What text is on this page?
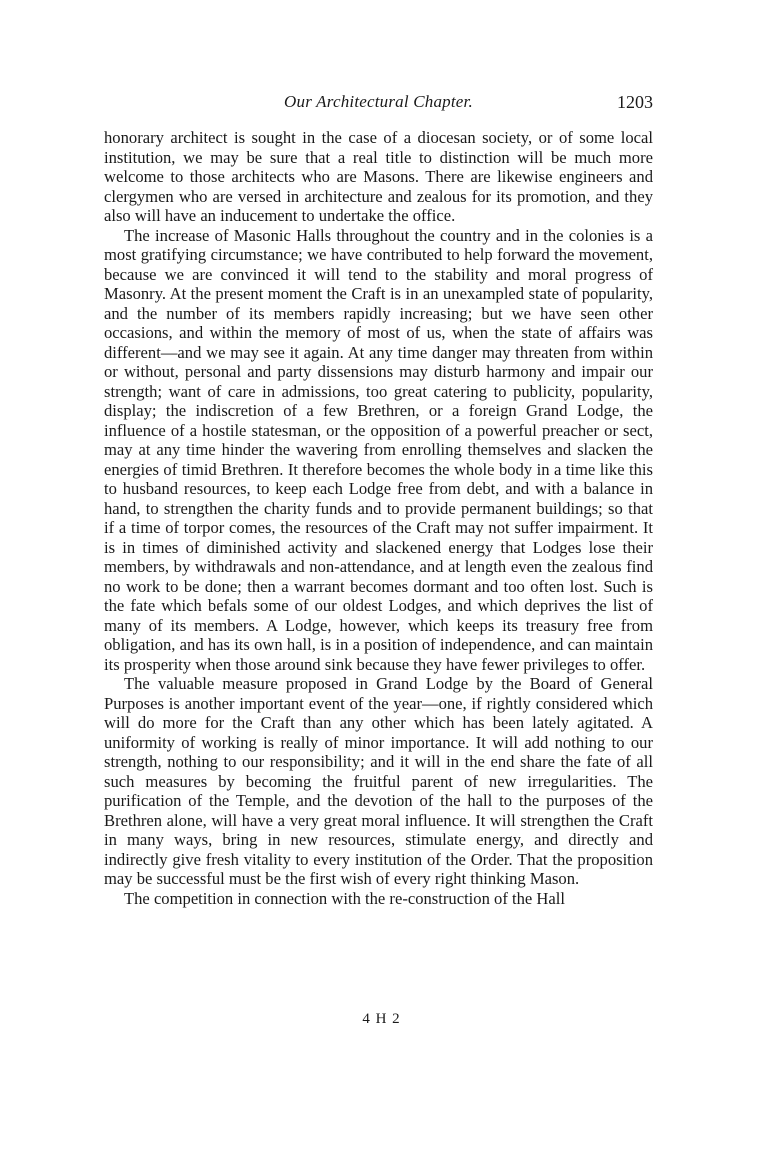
Our Architectural Chapter.	1203

honorary architect is sought in the case of a diocesan society, or of some local institution, we may be sure that a real title to distinction will be much more welcome to those architects who are Masons. There are likewise engineers and clergymen who are versed in architecture and zealous for its promotion, and they also will have an inducement to undertake the office.

The increase of Masonic Halls throughout the country and in the colonies is a most gratifying circumstance; we have contributed to help forward the movement, because we are convinced it will tend to the stability and moral progress of Masonry. At the present moment the Craft is in an unexampled state of popularity, and the number of its members rapidly increasing; but we have seen other occasions, and within the memory of most of us, when the state of affairs was different—and we may see it again. At any time danger may threaten from within or without, personal and party dissensions may disturb harmony and impair our strength; want of care in admissions, too great catering to publicity, popularity, display; the indiscretion of a few Brethren, or a foreign Grand Lodge, the influence of a hostile statesman, or the opposition of a powerful preacher or sect, may at any time hinder the wavering from enrolling themselves and slacken the energies of timid Brethren. It therefore becomes the whole body in a time like this to husband resources, to keep each Lodge free from debt, and with a balance in hand, to strengthen the charity funds and to provide permanent buildings; so that if a time of torpor comes, the resources of the Craft may not suffer impairment. It is in times of diminished activity and slackened energy that Lodges lose their members, by withdrawals and non-attendance, and at length even the zealous find no work to be done; then a warrant becomes dormant and too often lost. Such is the fate which befals some of our oldest Lodges, and which deprives the list of many of its members. A Lodge, however, which keeps its treasury free from obligation, and has its own hall, is in a position of independence, and can maintain its prosperity when those around sink because they have fewer privileges to offer.

The valuable measure proposed in Grand Lodge by the Board of General Purposes is another important event of the year—one, if rightly considered which will do more for the Craft than any other which has been lately agitated. A uniformity of working is really of minor importance. It will add nothing to our strength, nothing to our responsibility; and it will in the end share the fate of all such measures by becoming the fruitful parent of new irregularities. The purification of the Temple, and the devotion of the hall to the purposes of the Brethren alone, will have a very great moral influence. It will strengthen the Craft in many ways, bring in new resources, stimulate energy, and directly and indirectly give fresh vitality to every institution of the Order. That the proposition may be successful must be the first wish of every right thinking Mason.

The competition in connection with the re-construction of the Hall

4 H 2
